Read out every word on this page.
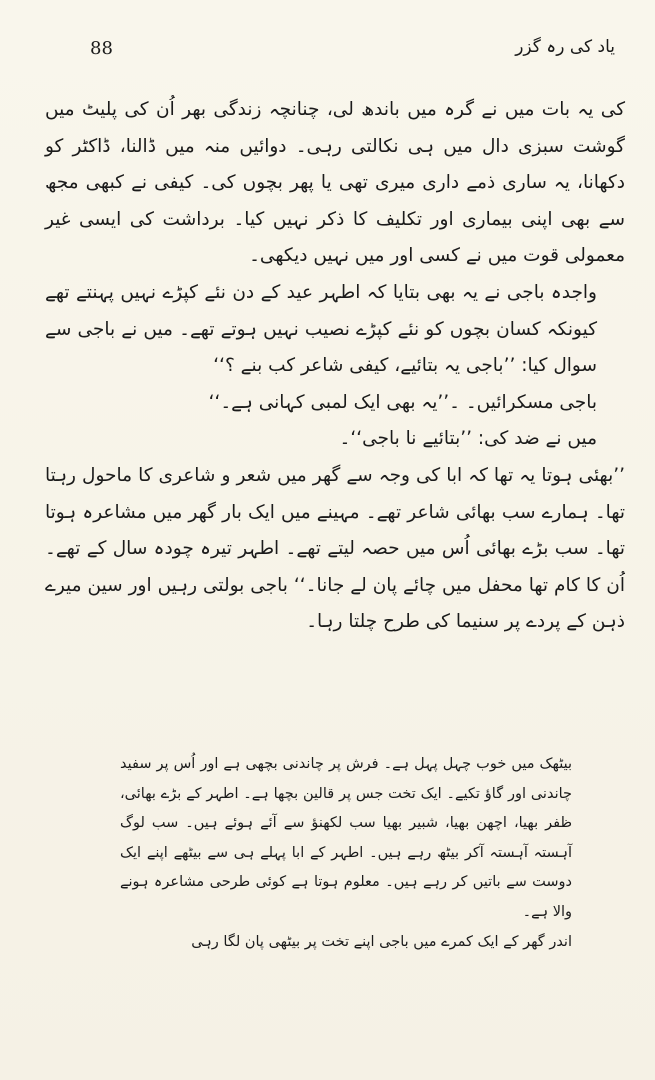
88	یاد کی رہ گزر

کی یہ بات میں نے گرہ میں باندھ لی، چنانچہ زندگی بھر اُن کی پلیٹ میں گوشت سبزی دال میں ہی نکالتی رہی۔ دوائیں منہ میں ڈالنا، ڈاکٹر کو دکھانا، یہ ساری ذمے داری میری تھی یا پھر بچوں کی۔ کیفی نے کبھی مجھ سے بھی اپنی بیماری اور تکلیف کا ذکر نہیں کیا۔ برداشت کی ایسی غیر معمولی قوت میں نے کسی اور میں نہیں دیکھی۔

واجدہ باجی نے یہ بھی بتایا کہ اطہر عید کے دن نئے کپڑے نہیں پہنتے تھے کیونکہ کسان بچوں کو نئے کپڑے نصیب نہیں ہوتے تھے۔ میں نے باجی سے سوال کیا: ’’باجی یہ بتائیے، کیفی شاعر کب بنے ؟‘‘

باجی مسکرائیں۔ ۔’’یہ بھی ایک لمبی کہانی ہے۔‘‘

میں نے ضد کی: ’’بتائیے نا باجی‘‘۔

’’بھئی ہوتا یہ تھا کہ ابا کی وجہ سے گھر میں شعر و شاعری کا ماحول رہتا تھا۔ ہمارے سب بھائی شاعر تھے۔ مہینے میں ایک بار گھر میں مشاعرہ ہوتا تھا۔ سب بڑے بھائی اُس میں حصہ لیتے تھے۔ اطہر تیرہ چودہ سال کے تھے۔ اُن کا کام تھا محفل میں چائے پان لے جانا۔‘‘ باجی بولتی رہیں اور سین میرے ذہن کے پردے پر سنیما کی طرح چلتا رہا۔

بیٹھک میں خوب چہل پہل ہے۔ فرش پر چاندنی بچھی ہے اور اُس پر سفید چاندنی اور گاؤ تکیے۔ ایک تخت جس پر قالین بچھا ہے۔ اطہر کے بڑے بھائی، ظفر بھیا، اچھن بھیا، شبیر بھیا سب لکھنؤ سے آئے ہوئے ہیں۔ سب لوگ آہستہ آہستہ آکر بیٹھ رہے ہیں۔ اطہر کے ابا پہلے ہی سے بیٹھے اپنے ایک دوست سے باتیں کر رہے ہیں۔ معلوم ہوتا ہے کوئی طرحی مشاعرہ ہونے والا ہے۔

اندر گھر کے ایک کمرے میں باجی اپنے تخت پر بیٹھی پان لگا رہی
